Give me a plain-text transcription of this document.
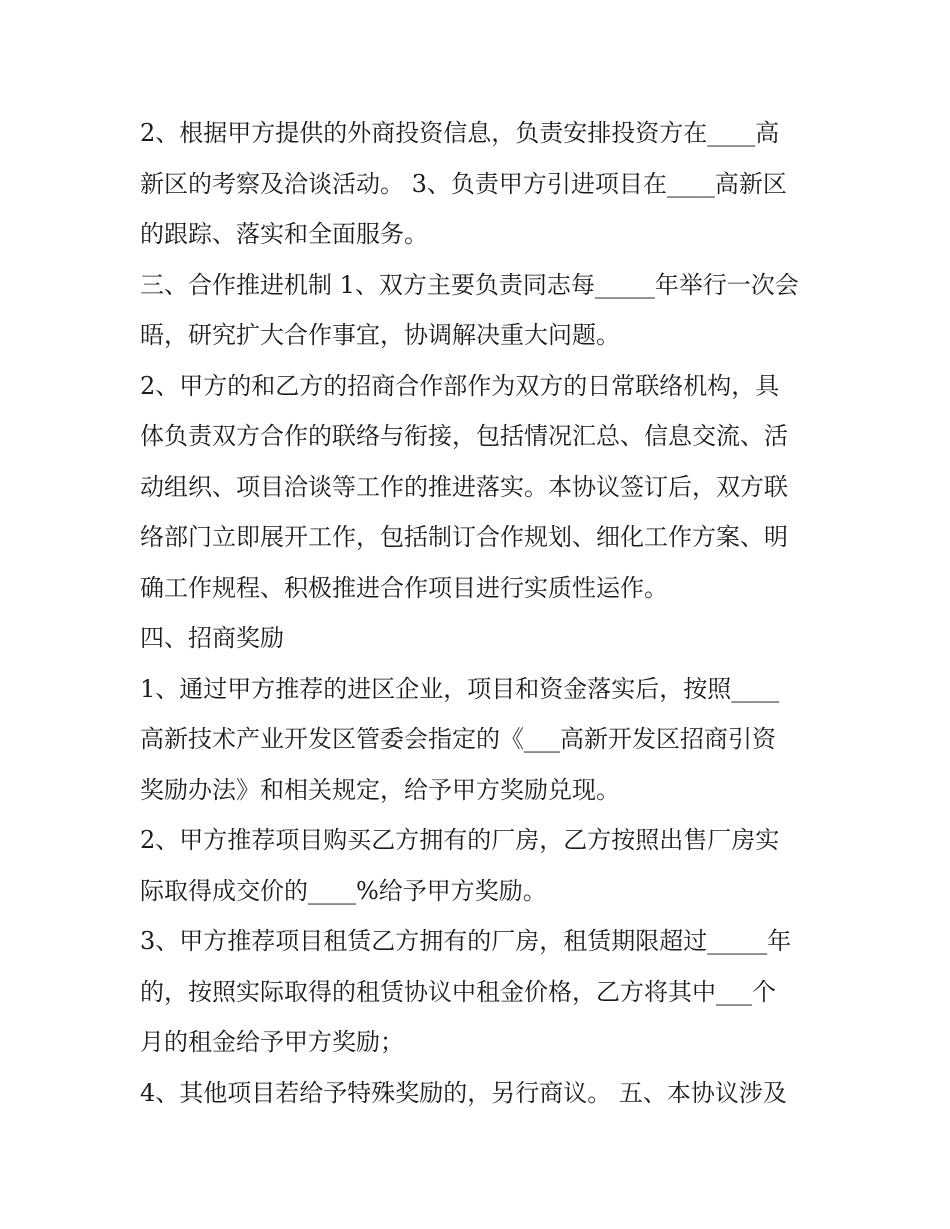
2、根据甲方提供的外商投资信息，负责安排投资方在____高
新区的考察及洽谈活动。 3、负责甲方引进项目在____高新区
的跟踪、落实和全面服务。
三、合作推进机制 1、双方主要负责同志每_____年举行一次会
晤，研究扩大合作事宜，协调解决重大问题。
2、甲方的和乙方的招商合作部作为双方的日常联络机构，具
体负责双方合作的联络与衔接，包括情况汇总、信息交流、活
动组织、项目洽谈等工作的推进落实。本协议签订后，双方联
络部门立即展开工作，包括制订合作规划、细化工作方案、明
确工作规程、积极推进合作项目进行实质性运作。
四、招商奖励
1、通过甲方推荐的进区企业，项目和资金落实后，按照____
高新技术产业开发区管委会指定的《___高新开发区招商引资
奖励办法》和相关规定，给予甲方奖励兑现。
2、甲方推荐项目购买乙方拥有的厂房，乙方按照出售厂房实
际取得成交价的____%给予甲方奖励。
3、甲方推荐项目租赁乙方拥有的厂房，租赁期限超过_____年
的，按照实际取得的租赁协议中租金价格，乙方将其中___个
月的租金给予甲方奖励；
4、其他项目若给予特殊奖励的，另行商议。 五、本协议涉及
